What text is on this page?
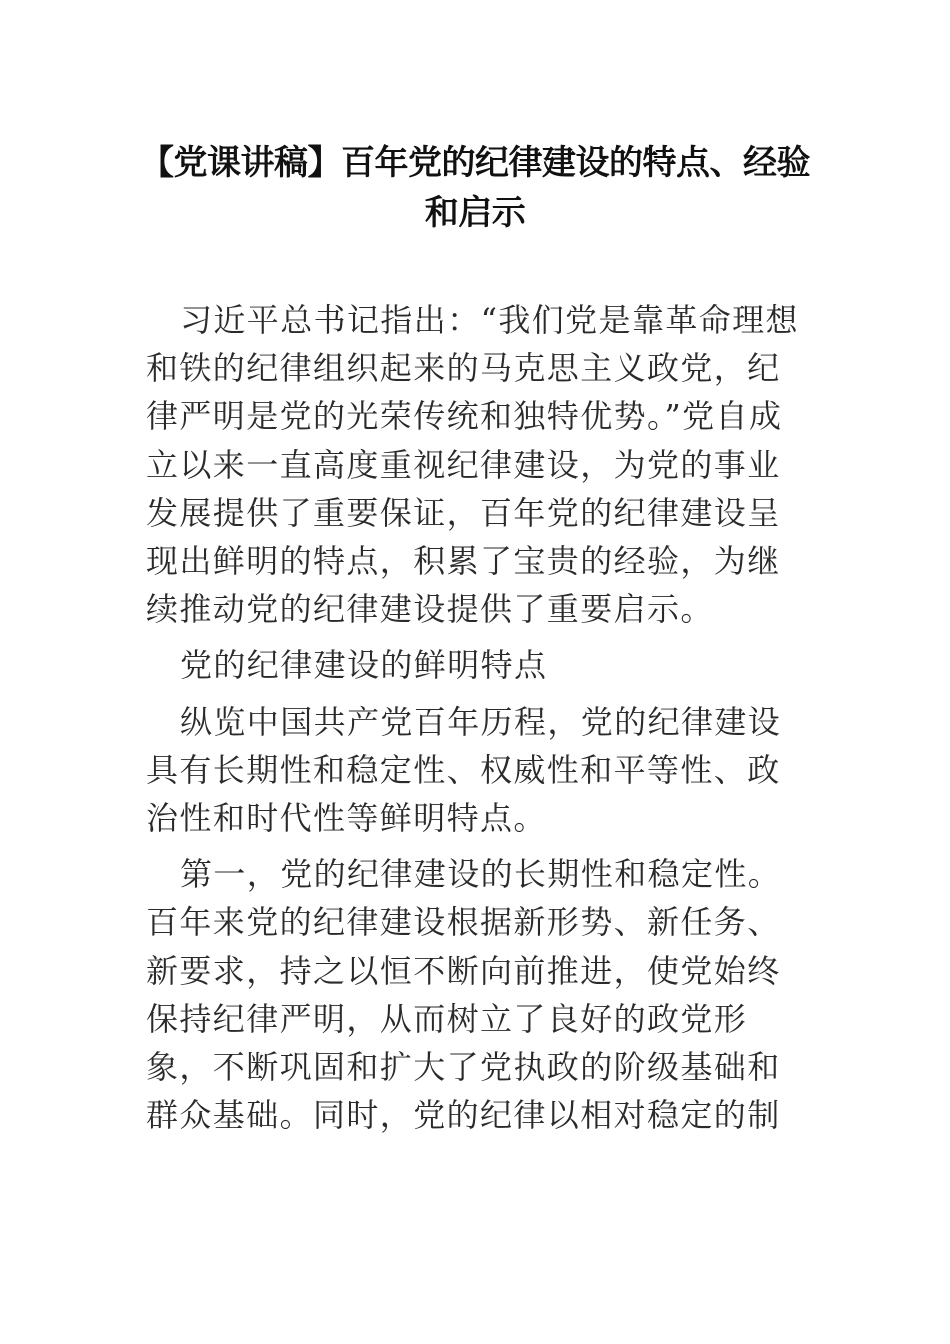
【党课讲稿】百年党的纪律建设的特点、经验
和启示

习近平总书记指出：“我们党是靠革命理想
和铁的纪律组织起来的马克思主义政党，纪
律严明是党的光荣传统和独特优势。”党自成
立以来一直高度重视纪律建设，为党的事业
发展提供了重要保证，百年党的纪律建设呈
现出鲜明的特点，积累了宝贵的经验，为继
续推动党的纪律建设提供了重要启示。

党的纪律建设的鲜明特点

纵览中国共产党百年历程，党的纪律建设
具有长期性和稳定性、权威性和平等性、政
治性和时代性等鲜明特点。

第一，党的纪律建设的长期性和稳定性。
百年来党的纪律建设根据新形势、新任务、
新要求，持之以恒不断向前推进，使党始终
保持纪律严明，从而树立了良好的政党形
象，不断巩固和扩大了党执政的阶级基础和
群众基础。同时，党的纪律以相对稳定的制
